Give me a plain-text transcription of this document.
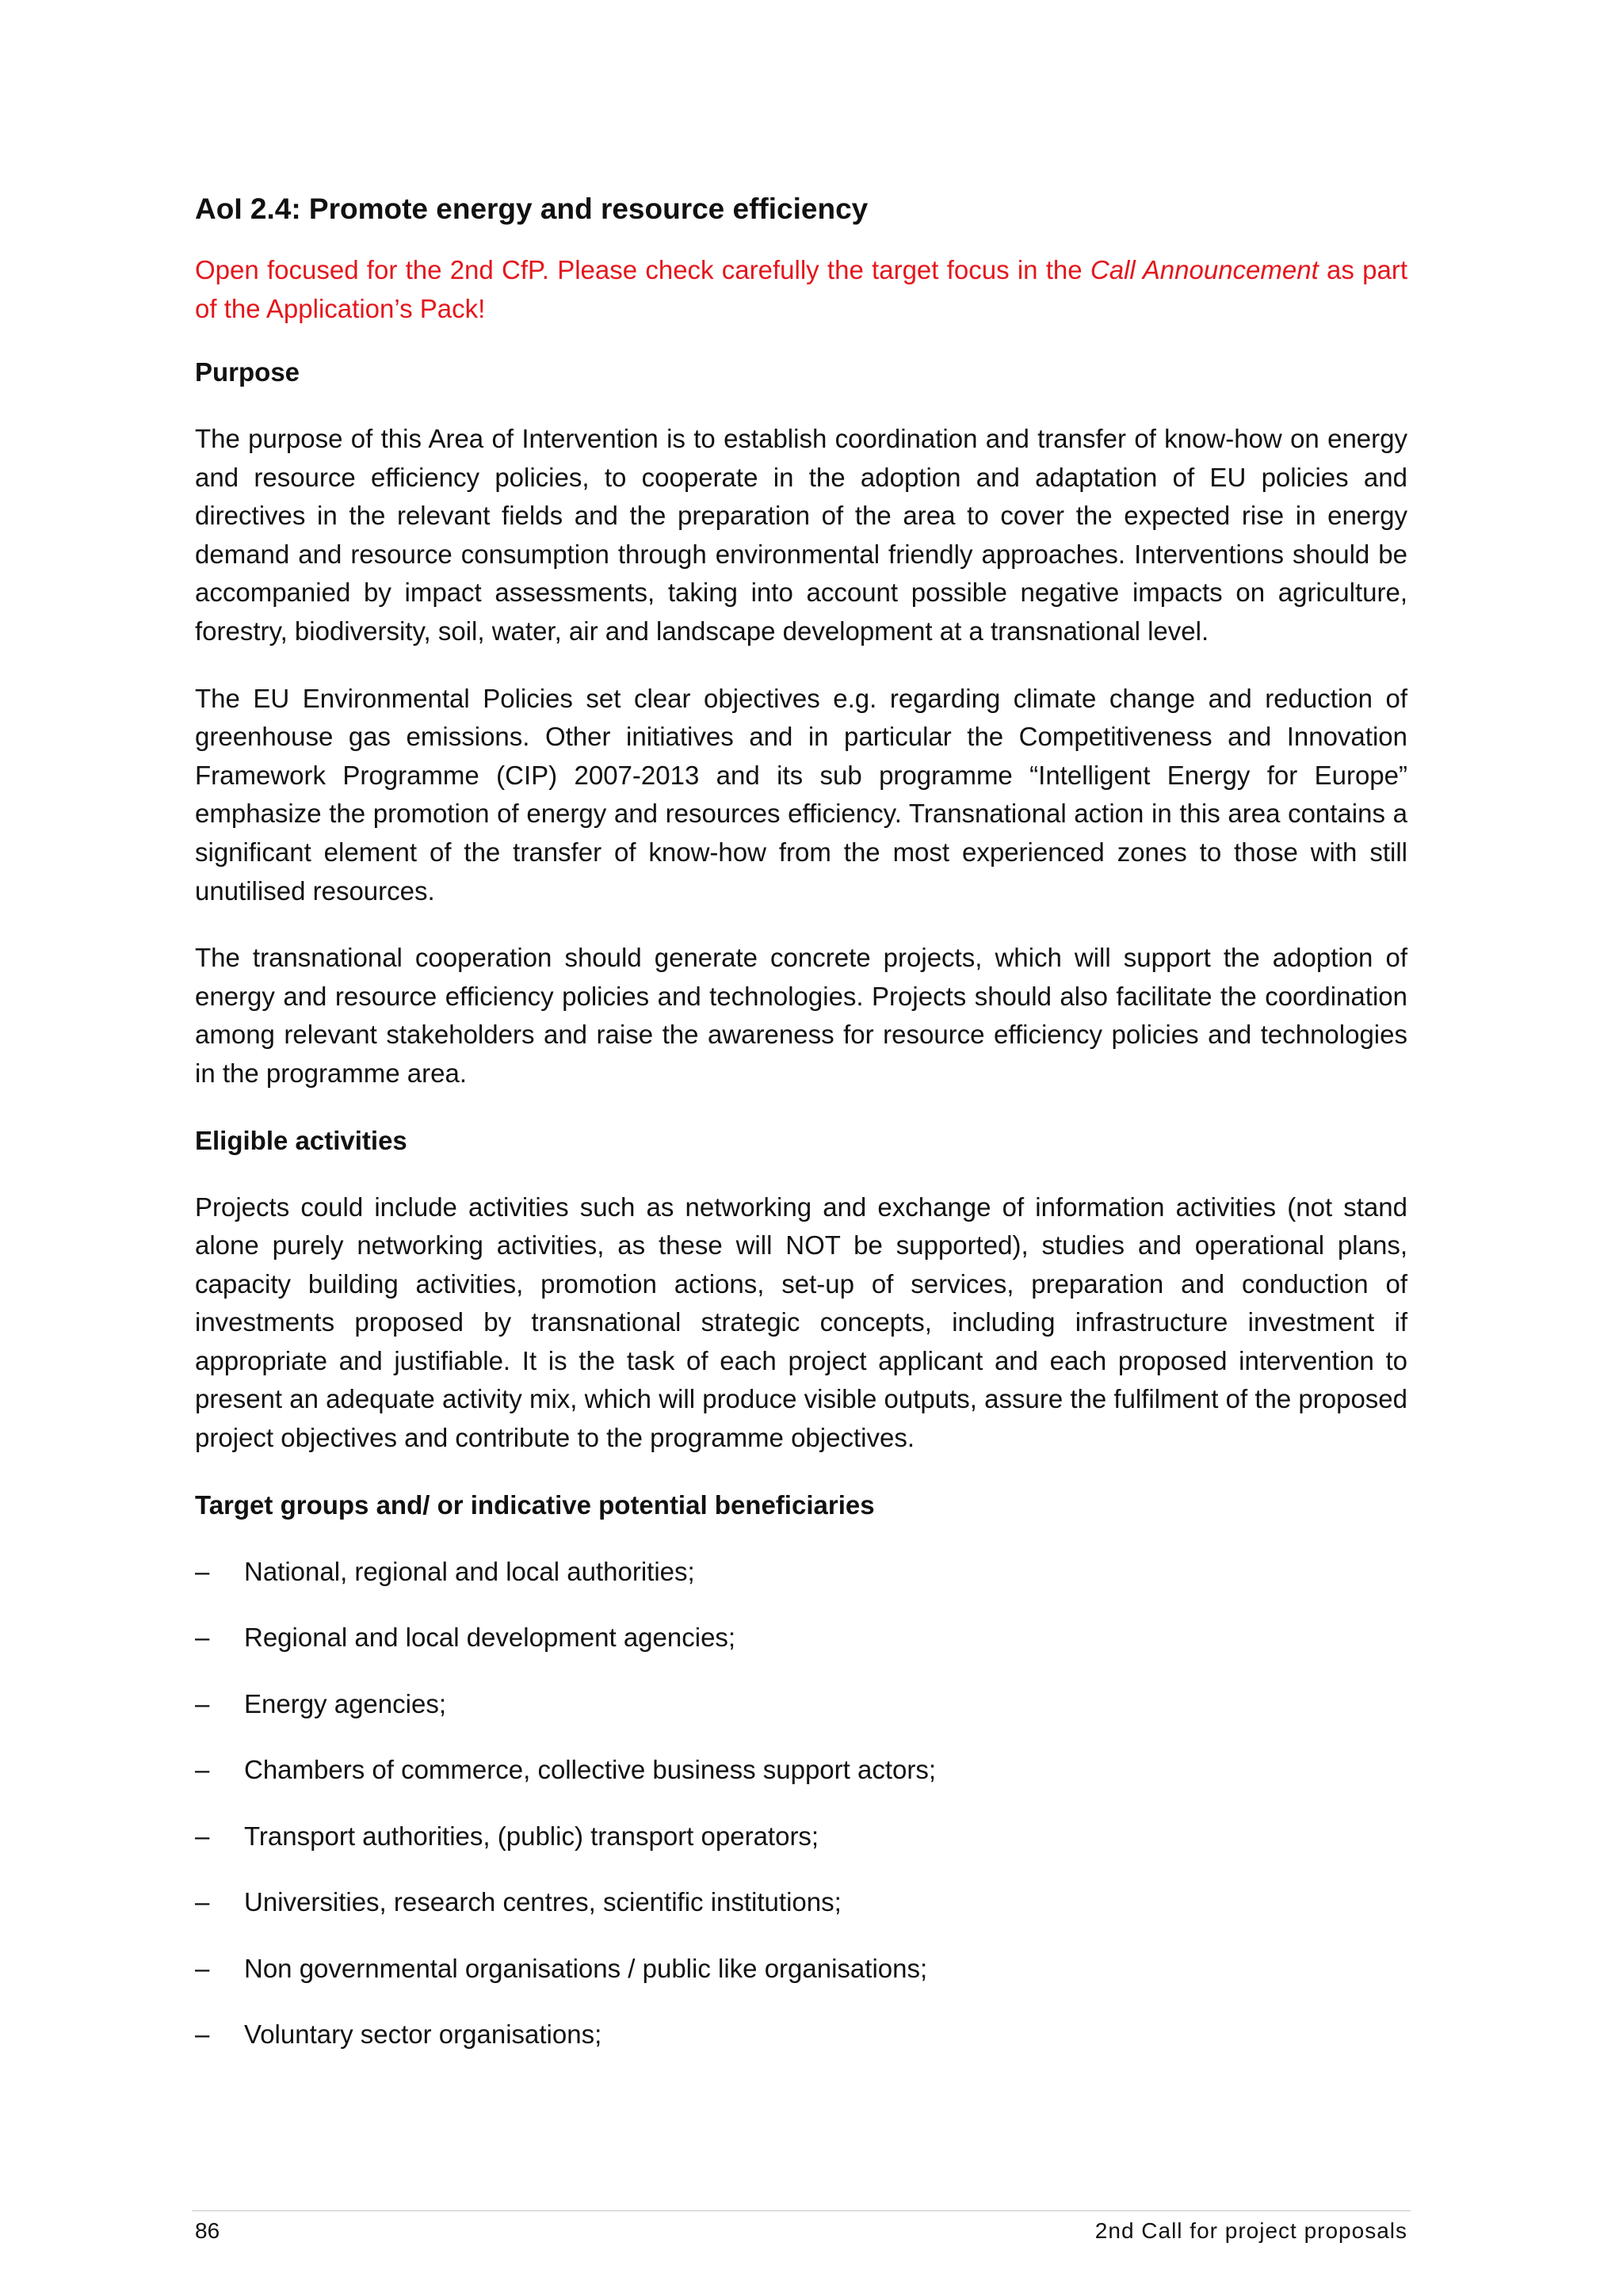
AoI 2.4: Promote energy and resource efficiency

Open focused for the 2nd CfP. Please check carefully the target focus in the Call Announcement as part of the Application’s Pack!

Purpose

The purpose of this Area of Intervention is to establish coordination and transfer of know-how on energy and resource efficiency policies, to cooperate in the adoption and adaptation of EU policies and directives in the relevant fields and the preparation of the area to cover the expected rise in energy demand and resource consumption through environmental friendly approaches. Interventions should be accompanied by impact assessments, taking into account possible negative impacts on agriculture, forestry, biodiversity, soil, water, air and landscape development at a transnational level.

The EU Environmental Policies set clear objectives e.g. regarding climate change and reduction of greenhouse gas emissions. Other initiatives and in particular the Competitiveness and Innovation Framework Programme (CIP) 2007-2013 and its sub programme “Intelligent Energy for Europe” emphasize the promotion of energy and resources efficiency. Transnational action in this area contains a significant element of the transfer of know-how from the most experienced zones to those with still unutilised resources.

The transnational cooperation should generate concrete projects, which will support the adoption of energy and resource efficiency policies and technologies. Projects should also facilitate the coordination among relevant stakeholders and raise the awareness for resource efficiency policies and technologies in the programme area.

Eligible activities

Projects could include activities such as networking and exchange of information activities (not stand alone purely networking activities, as these will NOT be supported), studies and operational plans, capacity building activities, promotion actions, set-up of services, preparation and conduction of investments proposed by transnational strategic concepts, including infrastructure investment if appropriate and justifiable. It is the task of each project applicant and each proposed intervention to present an adequate activity mix, which will produce visible outputs, assure the fulfilment of the proposed project objectives and contribute to the programme objectives.

Target groups and/ or indicative potential beneficiaries
–	National, regional and local authorities;
–	Regional and local development agencies;
–	Energy agencies;
–	Chambers of commerce, collective business support actors;
–	Transport authorities, (public) transport operators;
–	Universities, research centres, scientific institutions;
–	Non governmental organisations / public like organisations;
–	Voluntary sector organisations;
86	2nd Call for project proposals
